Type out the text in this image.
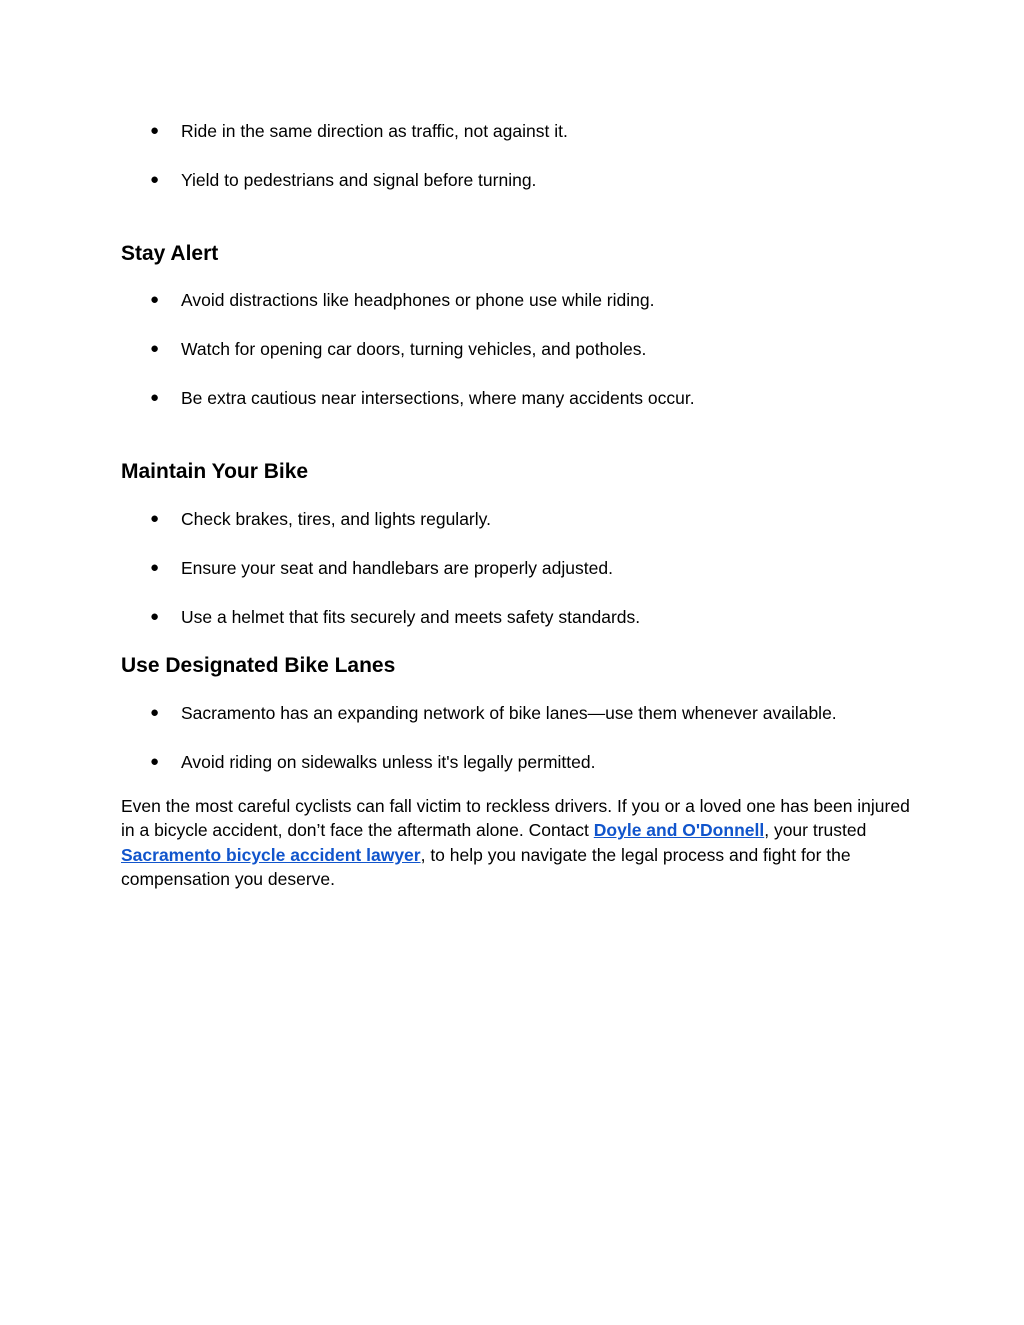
● Ride in the same direction as traffic, not against it.
● Yield to pedestrians and signal before turning.
Stay Alert
● Avoid distractions like headphones or phone use while riding.
● Watch for opening car doors, turning vehicles, and potholes.
● Be extra cautious near intersections, where many accidents occur.
Maintain Your Bike
● Check brakes, tires, and lights regularly.
● Ensure your seat and handlebars are properly adjusted.
● Use a helmet that fits securely and meets safety standards.
Use Designated Bike Lanes
● Sacramento has an expanding network of bike lanes—use them whenever available.
● Avoid riding on sidewalks unless it's legally permitted.

Even the most careful cyclists can fall victim to reckless drivers. If you or a loved one has been injured in a bicycle accident, don’t face the aftermath alone. Contact Doyle and O'Donnell, your trusted Sacramento bicycle accident lawyer, to help you navigate the legal process and fight for the compensation you deserve.
